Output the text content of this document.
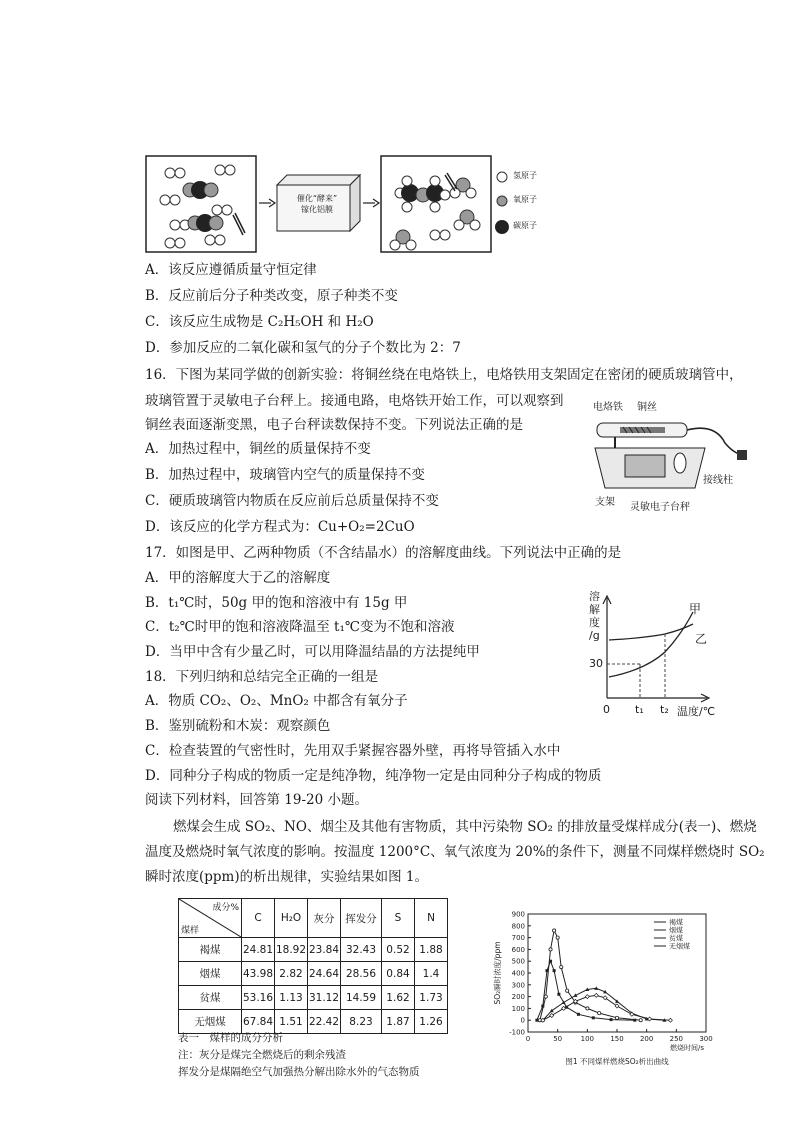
催化“酵来”
镓化铝膜
氢原子
氧原子
碳原子
A．该反应遵循质量守恒定律
B．反应前后分子种类改变，原子种类不变
C．该反应生成物是 C₂H₅OH 和 H₂O
D．参加反应的二氧化碳和氢气的分子个数比为 2：7
16．下图为某同学做的创新实验：将铜丝绕在电烙铁上，电烙铁用支架固定在密闭的硬质玻璃管中，
玻璃管置于灵敏电子台秤上。接通电路，电烙铁开始工作，可以观察到
铜丝表面逐渐变黑，电子台秤读数保持不变。下列说法正确的是
A．加热过程中，铜丝的质量保持不变
B．加热过程中，玻璃管内空气的质量保持不变
C．硬质玻璃管内物质在反应前后总质量保持不变
D．该反应的化学方程式为：Cu+O₂=2CuO
电烙铁 铜丝
接线柱
支架 灵敏电子台秤
17．如图是甲、乙两种物质（不含结晶水）的溶解度曲线。下列说法中正确的是
A．甲的溶解度大于乙的溶解度
B．t₁℃时，50g 甲的饱和溶液中有 15g 甲
C．t₂℃时甲的饱和溶液降温至 t₁℃变为不饱和溶液
D．当甲中含有少量乙时，可以用降温结晶的方法提纯甲
溶
解
度
/g
30
0 t₁ t₂ 温度/℃
甲
乙
18．下列归纳和总结完全正确的一组是
A．物质 CO₂、O₂、MnO₂ 中都含有氧分子
B．鉴别硫粉和木炭：观察颜色
C．检查装置的气密性时，先用双手紧握容器外壁，再将导管插入水中
D．同种分子构成的物质一定是纯净物，纯净物一定是由同种分子构成的物质
阅读下列材料，回答第 19-20 小题。
燃煤会生成 SO₂、NO、烟尘及其他有害物质，其中污染物 SO₂ 的排放量受煤样成分(表一)、燃烧
温度及燃烧时氧气浓度的影响。按温度 1200°C、氧气浓度为 20%的条件下，测量不同煤样燃烧时 SO₂
瞬时浓度(ppm)的析出规律，实验结果如图 1。
成分%
煤样	C	H₂O	灰分	挥发分	S	N
褐煤	24.81	18.92	23.84	32.43	0.52	1.88
烟煤	43.98	2.82	24.64	28.56	0.84	1.4
贫煤	53.16	1.13	31.12	14.59	1.62	1.73
无烟煤	67.84	1.51	22.42	8.23	1.87	1.26
表一　煤样的成分分析
注：灰分是煤完全燃烧后的剩余残渣
挥发分是煤隔绝空气加强热分解出除水外的气态物质
-100
0
100
200
300
400
500
600
700
800
900
0	50	100 150 200 250 300
SO₂瞬时浓度/ppm
燃烧时间/s
图1 不同煤样燃烧SO₂析出曲线
褐煤
烟煤
贫煤
无烟煤
